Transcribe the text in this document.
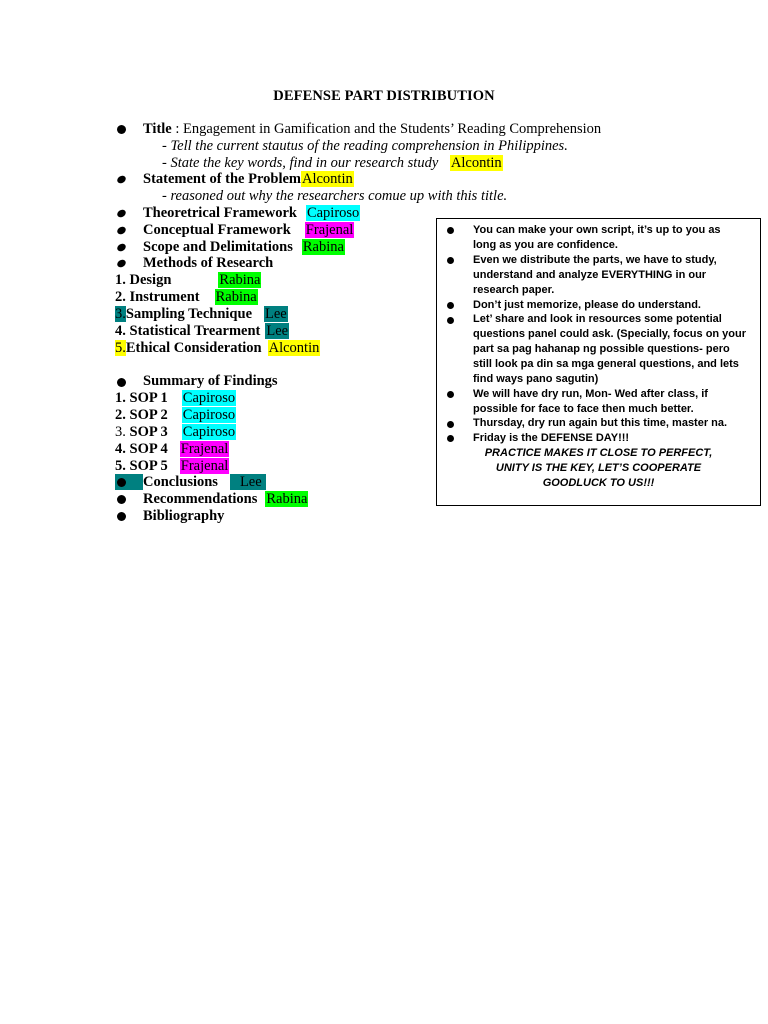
DEFENSE PART DISTRIBUTION
Title : Engagement in Gamification and the Students’ Reading Comprehension
- Tell the current stautus of the reading comprehension in Philippines.
- State the key words, find in our research study Alcontin
Statement of the ProblemAlcontin
- reasoned out why the researchers comue up with this title.
Theoretrical Framework Capiroso
Conceptual Framework Frajenal
Scope and Delimitations Rabina
Methods of Research
1. Design	Rabina
2. Instrument Rabina
3.Sampling Technique Lee
4. Statistical Trearment Lee
5.Ethical Consideration Alcontin
Summary of Findings
1. SOP 1 Capiroso
2. SOP 2 Capiroso
3. SOP 3 Capiroso
4. SOP 4 Frajenal
5. SOP 5 Frajenal
Conclusions Lee
Recommendations Rabina
Bibliography
You can make your own script, it’s up to you as
long as you are confidence.
Even we distribute the parts, we have to study,
understand and analyze EVERYTHING in our
research paper.
Don’t just memorize, please do understand.
Let’ share and look in resources some potential
questions panel could ask. (Specially, focus on your
part sa pag hahanap ng possible questions- pero
still look pa din sa mga general questions, and lets
find ways pano sagutin)
We will have dry run, Mon- Wed after class, if
possible for face to face then much better.
Thursday, dry run again but this time, master na.
Friday is the DEFENSE DAY!!!
PRACTICE MAKES IT CLOSE TO PERFECT,
UNITY IS THE KEY, LET’S COOPERATE
GOODLUCK TO US!!!
